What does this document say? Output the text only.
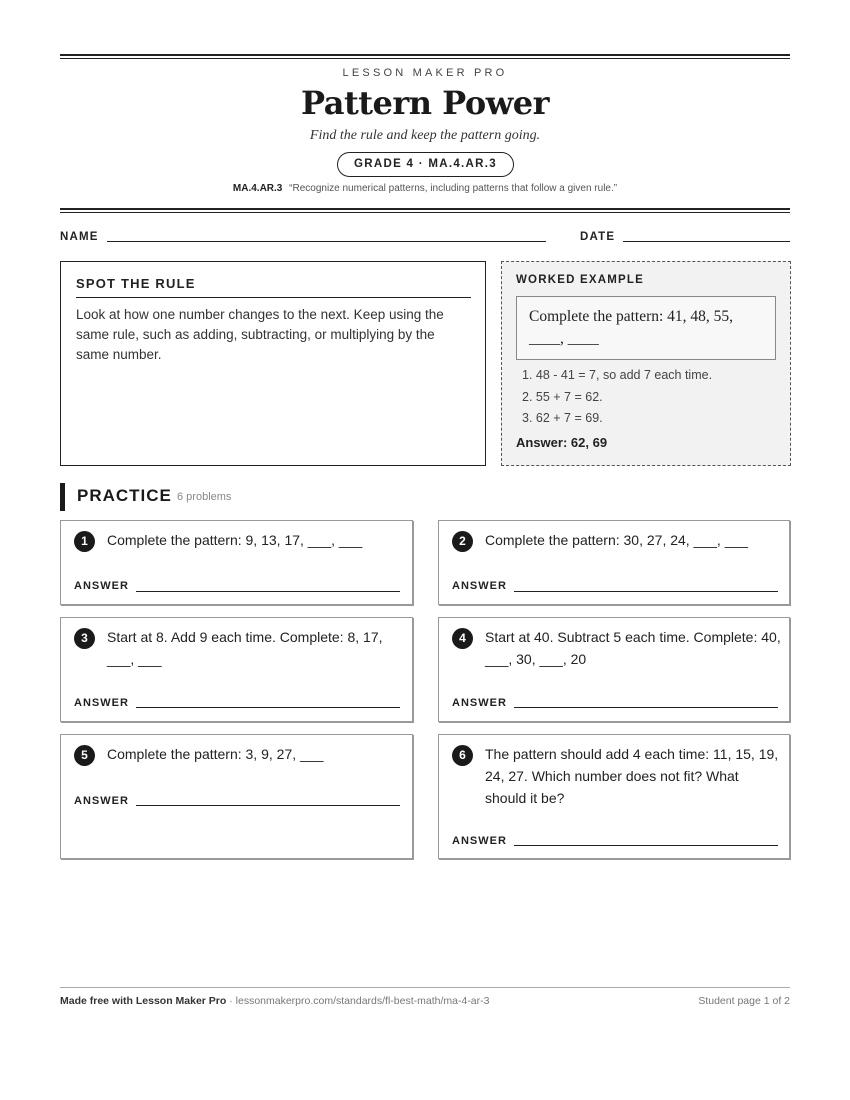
LESSON MAKER PRO
Pattern Power
Find the rule and keep the pattern going.
GRADE 4 · MA.4.AR.3
MA.4.AR.3 “Recognize numerical patterns, including patterns that follow a given rule.”
NAME	DATE
SPOT THE RULE
Look at how one number changes to the next. Keep using the same rule, such as adding, subtracting, or multiplying by the same number.
WORKED EXAMPLE
Complete the pattern: 41, 48, 55,
____, ____
1. 48 - 41 = 7, so add 7 each time.
2. 55 + 7 = 62.
3. 62 + 7 = 69.
Answer: 62, 69
PRACTICE 6 problems
1	Complete the pattern: 9, 13, 17, ___, ___
ANSWER
2	Complete the pattern: 30, 27, 24, ___, ___
ANSWER
3	Start at 8. Add 9 each time. Complete: 8, 17, ___, ___
ANSWER
4	Start at 40. Subtract 5 each time. Complete: 40, ___, 30, ___, 20
ANSWER
5	Complete the pattern: 3, 9, 27, ___
ANSWER
6	The pattern should add 4 each time: 11, 15, 19, 24, 27. Which number does not fit? What should it be?
ANSWER
Made free with Lesson Maker Pro · lessonmakerpro.com/standards/fl-best-math/ma-4-ar-3	Student page 1 of 2
